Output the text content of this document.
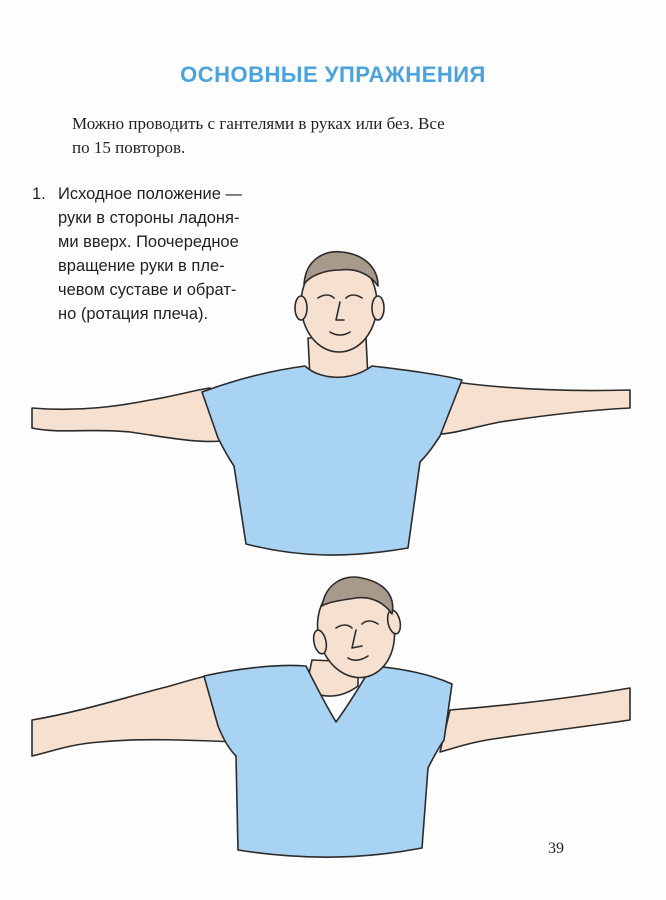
ОСНОВНЫЕ УПРАЖНЕНИЯ
Можно проводить с гантелями в руках или без. Все
по 15 повторов.
1. Исходное положение —
руки в стороны ладоня-
ми вверх. Поочередное
вращение руки в пле-
чевом суставе и обрат-
но (ротация плеча).
39
